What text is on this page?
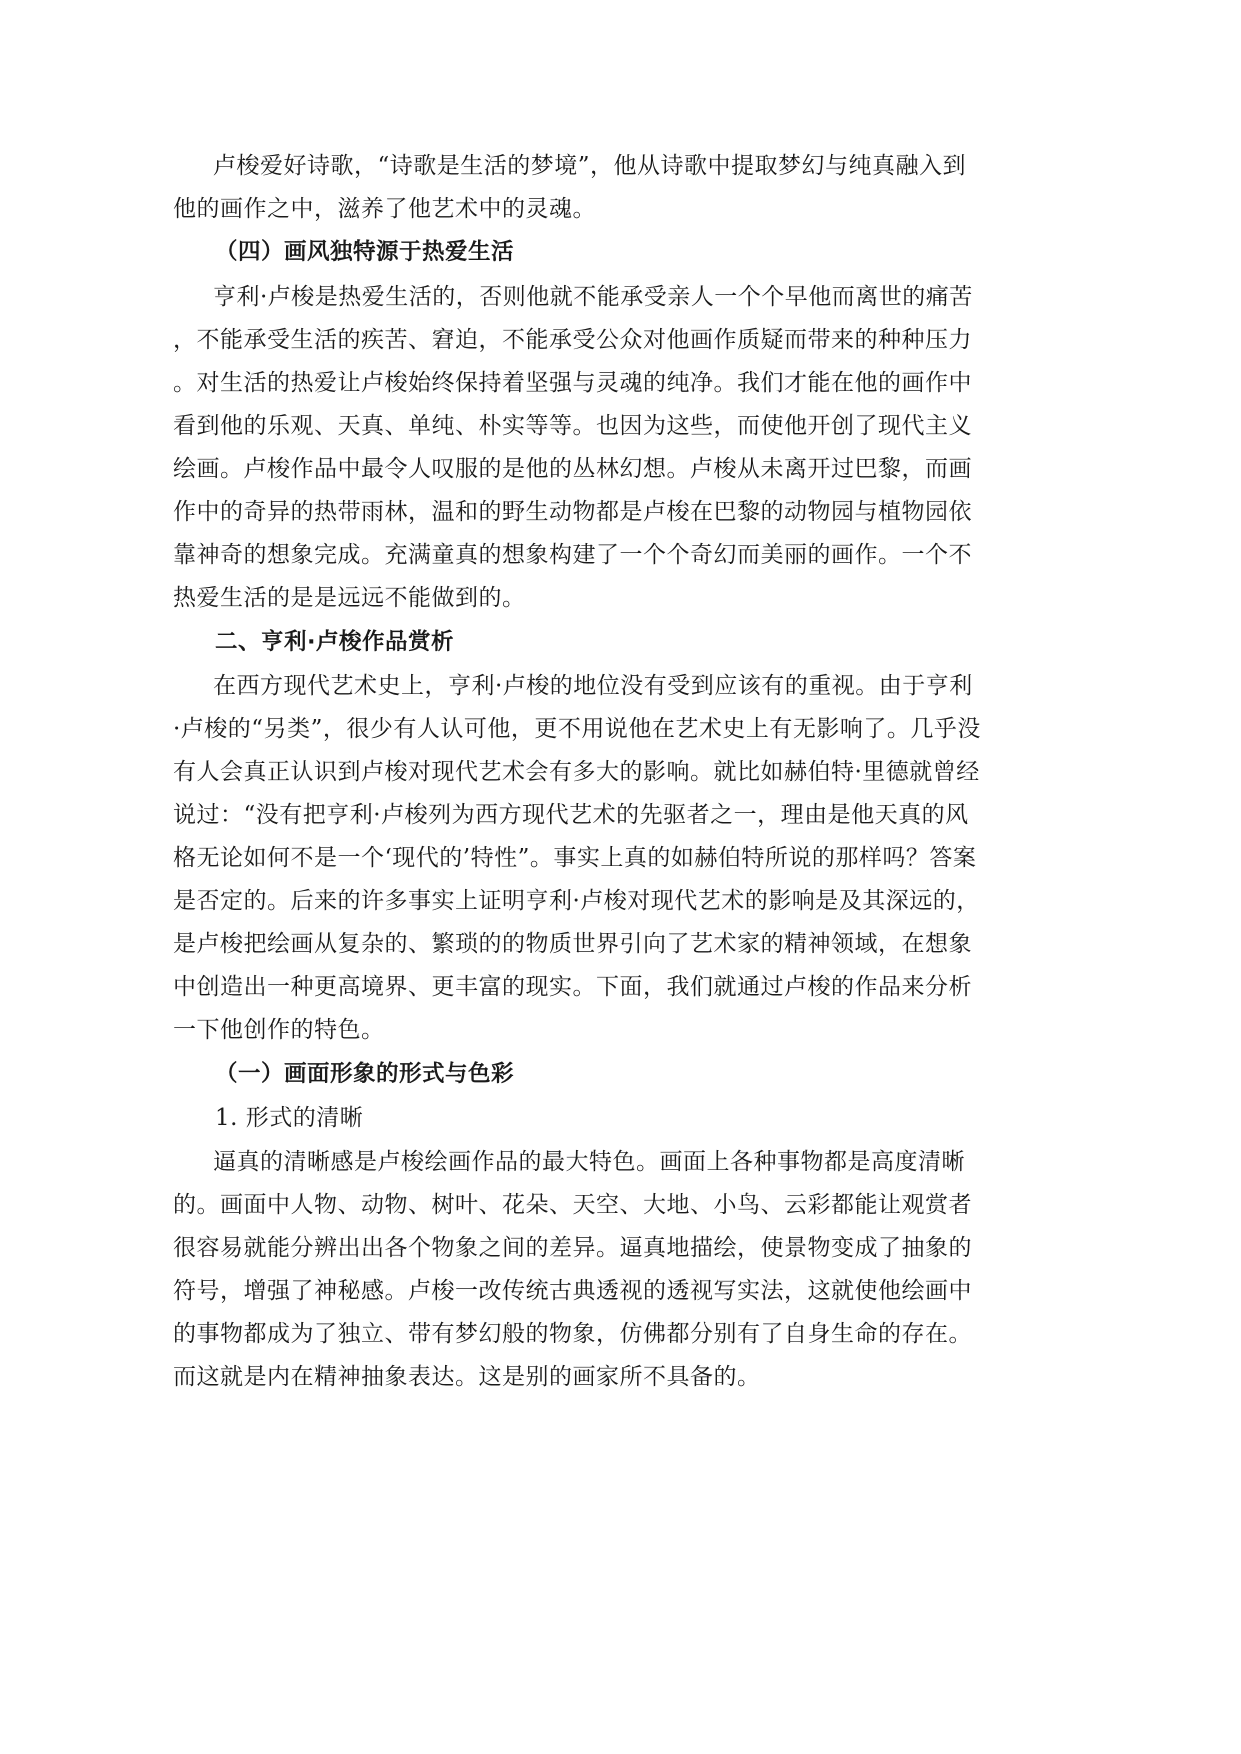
卢梭爱好诗歌，“诗歌是生活的梦境”，他从诗歌中提取梦幻与纯真融入到
他的画作之中，滋养了他艺术中的灵魂。
（四）画风独特源于热爱生活
亨利·卢梭是热爱生活的，否则他就不能承受亲人一个个早他而离世的痛苦
，不能承受生活的疾苦、窘迫，不能承受公众对他画作质疑而带来的种种压力
。对生活的热爱让卢梭始终保持着坚强与灵魂的纯净。我们才能在他的画作中
看到他的乐观、天真、单纯、朴实等等。也因为这些，而使他开创了现代主义
绘画。卢梭作品中最令人叹服的是他的丛林幻想。卢梭从未离开过巴黎，而画
作中的奇异的热带雨林，温和的野生动物都是卢梭在巴黎的动物园与植物园依
靠神奇的想象完成。充满童真的想象构建了一个个奇幻而美丽的画作。一个不
热爱生活的是是远远不能做到的。
二、亨利·卢梭作品赏析
在西方现代艺术史上，亨利·卢梭的地位没有受到应该有的重视。由于亨利
·卢梭的“另类”，很少有人认可他，更不用说他在艺术史上有无影响了。几乎没
有人会真正认识到卢梭对现代艺术会有多大的影响。就比如赫伯特·里德就曾经
说过：“没有把亨利·卢梭列为西方现代艺术的先驱者之一，理由是他天真的风
格无论如何不是一个‘现代的’特性”。事实上真的如赫伯特所说的那样吗？答案
是否定的。后来的许多事实上证明亨利·卢梭对现代艺术的影响是及其深远的，
是卢梭把绘画从复杂的、繁琐的的物质世界引向了艺术家的精神领域，在想象
中创造出一种更高境界、更丰富的现实。下面，我们就通过卢梭的作品来分析
一下他创作的特色。
（一）画面形象的形式与色彩
1. 形式的清晰
逼真的清晰感是卢梭绘画作品的最大特色。画面上各种事物都是高度清晰
的。画面中人物、动物、树叶、花朵、天空、大地、小鸟、云彩都能让观赏者
很容易就能分辨出出各个物象之间的差异。逼真地描绘，使景物变成了抽象的
符号，增强了神秘感。卢梭一改传统古典透视的透视写实法，这就使他绘画中
的事物都成为了独立、带有梦幻般的物象，仿佛都分别有了自身生命的存在。
而这就是内在精神抽象表达。这是别的画家所不具备的。
